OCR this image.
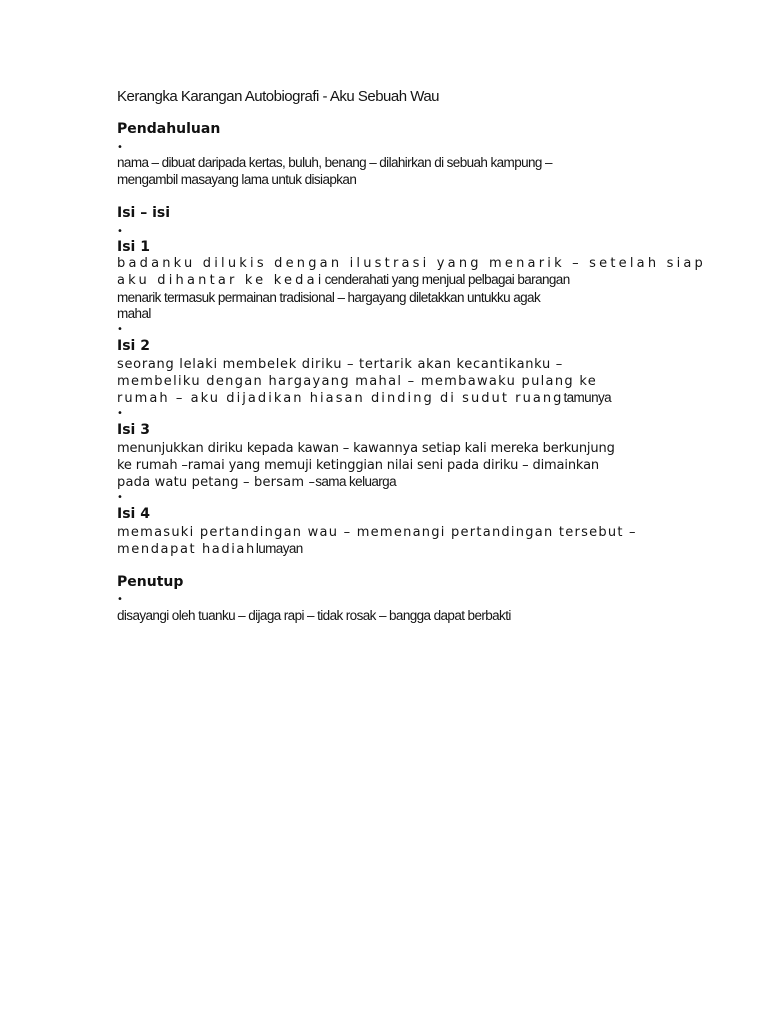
Kerangka Karangan Autobiografi - Aku Sebuah Wau
Pendahuluan
•
nama – dibuat daripada kertas, buluh, benang – dilahirkan di sebuah kampung –
mengambil masayang lama untuk disiapkan
Isi – isi
•
Isi 1
badanku dilukis dengan ilustrasi yang menarik – setelah siap
aku dihantar ke kedaicenderahati yang menjual pelbagai barangan
menarik termasuk permainan tradisional – hargayang diletakkan untukku agak
mahal
•
Isi 2
seorang lelaki membelek diriku – tertarik akan kecantikanku –
membeliku dengan hargayang mahal – membawaku pulang ke
rumah – aku dijadikan hiasan dinding di sudut ruangtamunya
•
Isi 3
menunjukkan diriku kepada kawan – kawannya setiap kali mereka berkunjung
ke rumah –ramai yang memuji ketinggian nilai seni pada diriku – dimainkan
pada watu petang – bersam –sama keluarga
•
Isi 4
memasuki pertandingan wau – memenangi pertandingan tersebut –
mendapat hadiahlumayan
Penutup
•
disayangi oleh tuanku – dijaga rapi – tidak rosak – bangga dapat berbakti
